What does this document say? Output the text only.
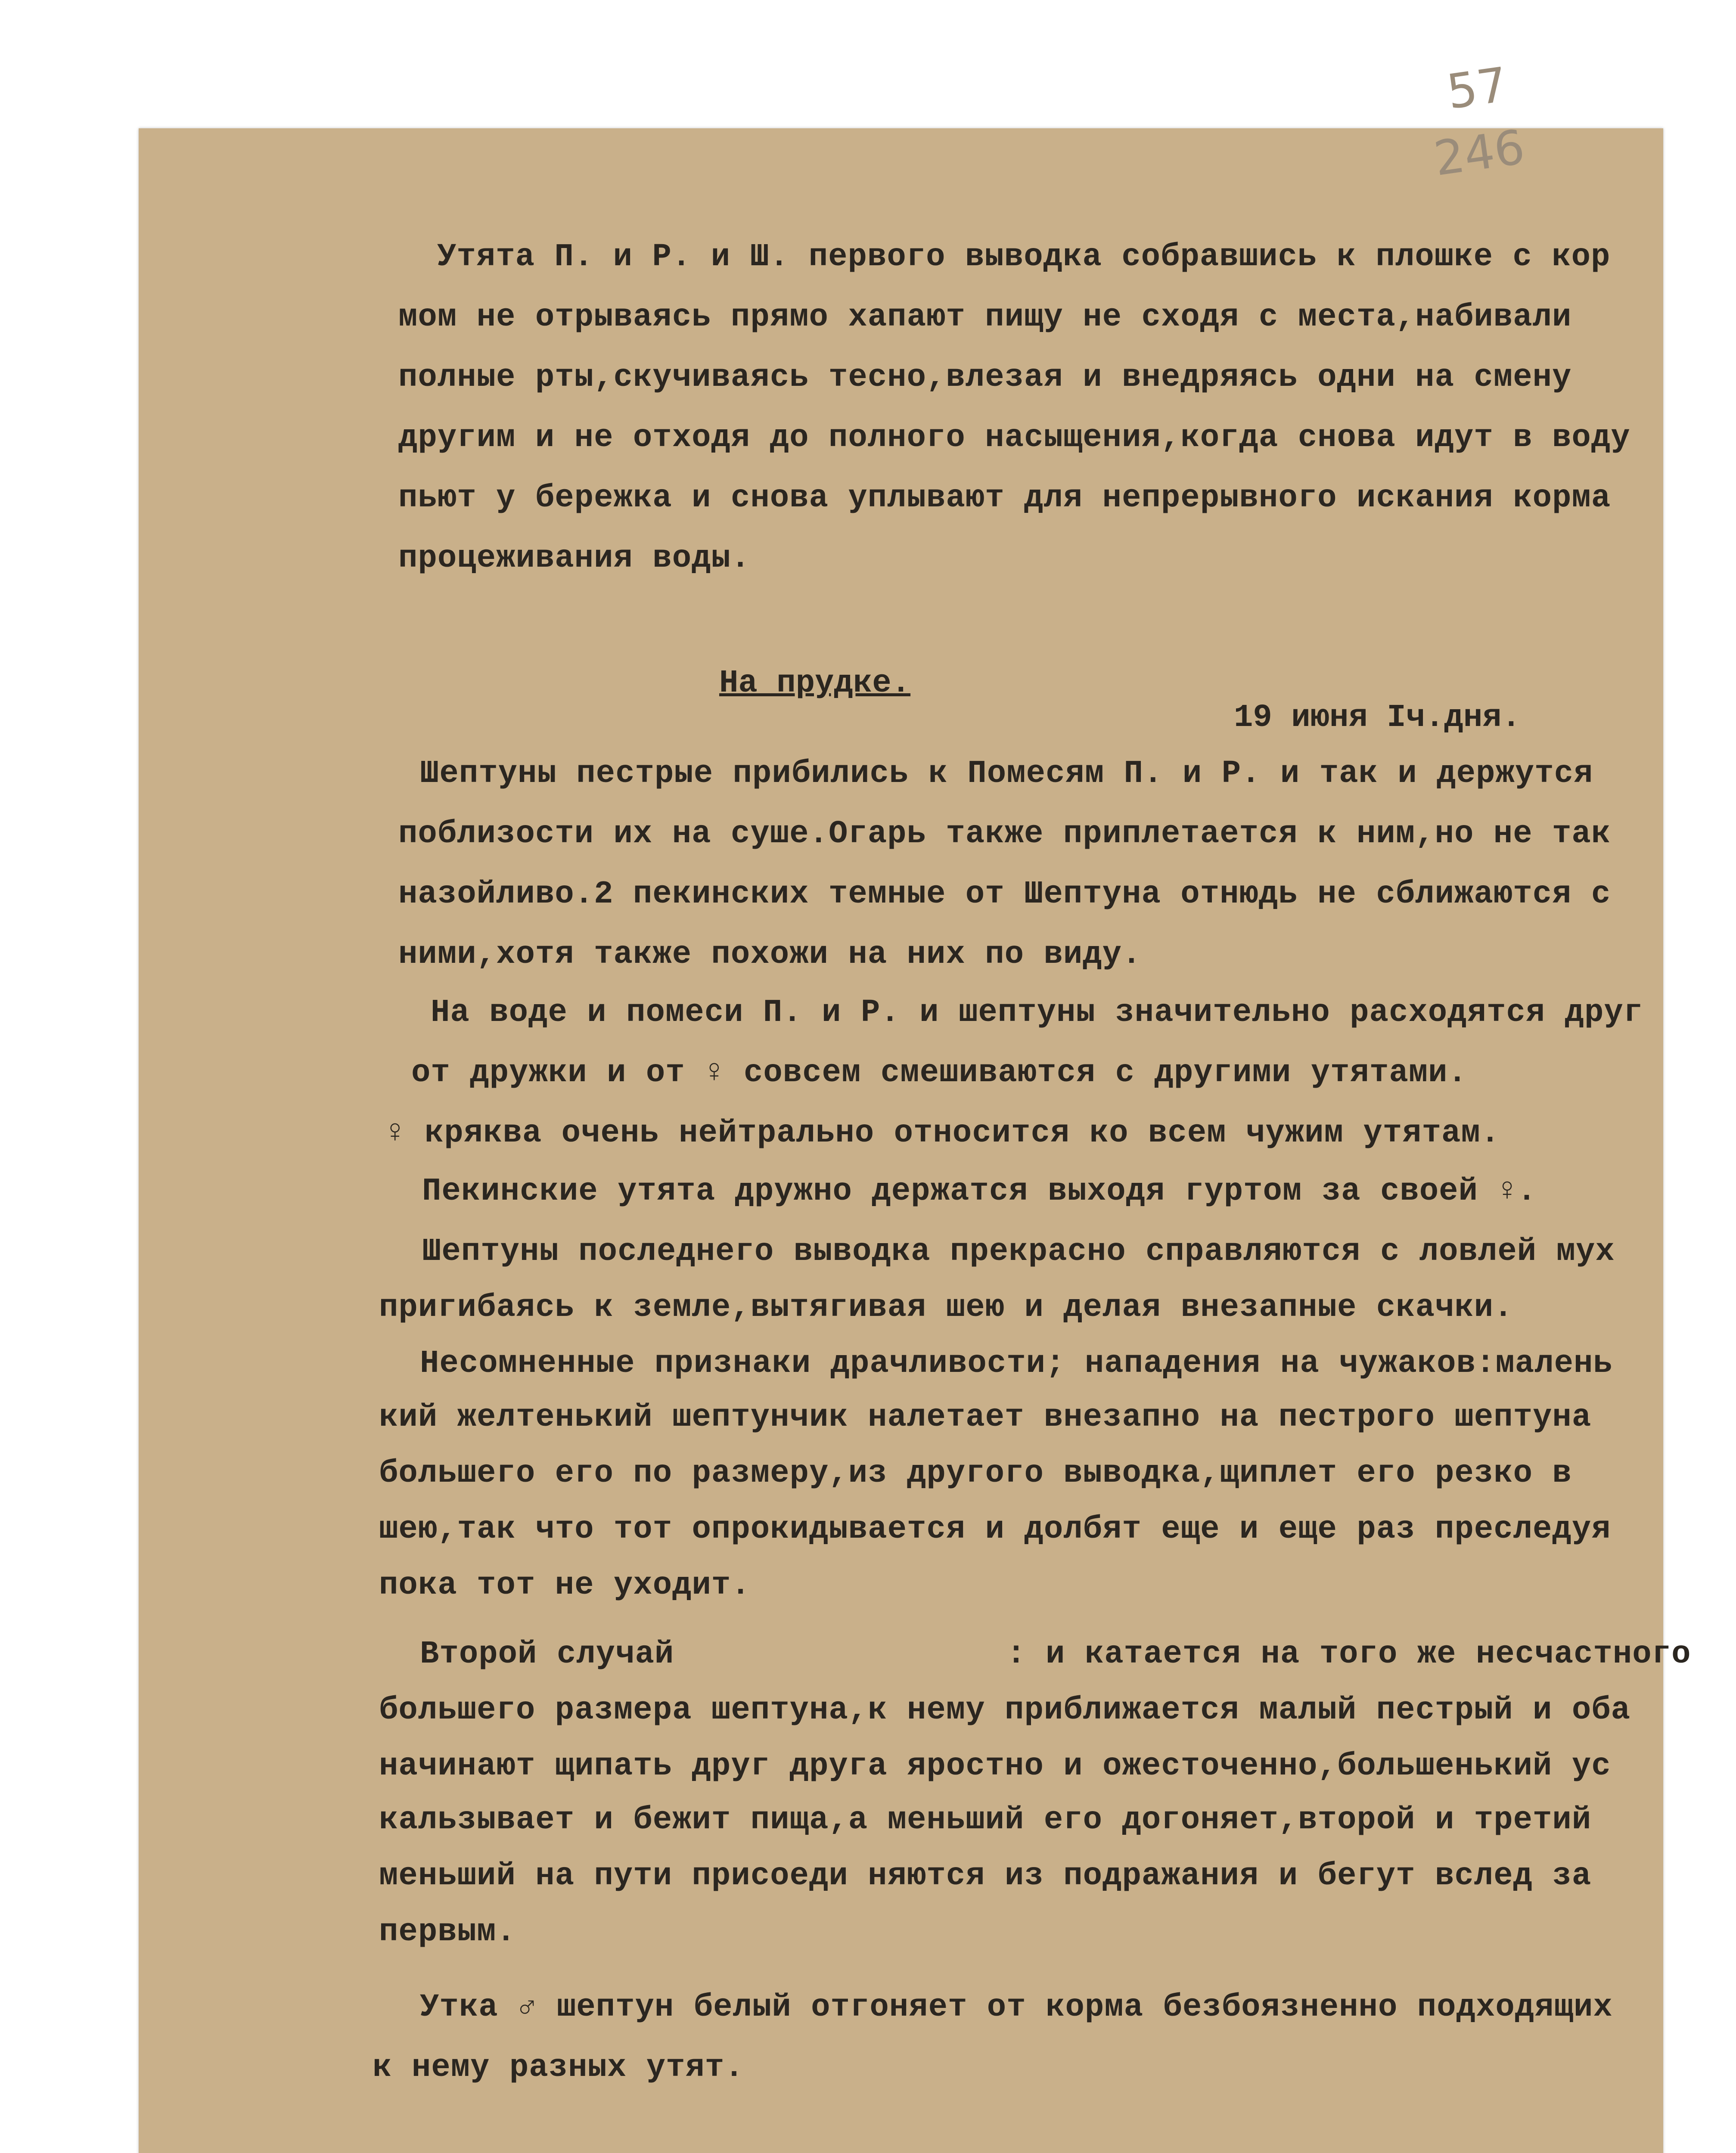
57
246
Утята П. и Р. и Ш. первого выводка собравшись к плошке с кор
мом не отрываясь прямо хапают пищу не сходя с места,набивали
полные рты,скучиваясь тесно,влезая и внедряясь одни на смену
другим и не отходя до полного насыщения,когда снова идут в воду
пьют у бережка и снова уплывают для непрерывного искания корма
процеживания воды.
На прудке.
19 июня Iч.дня.
Шептуны пестрые прибились к Помесям П. и Р. и так и держутся
поблизости их на суше.Огарь также приплетается к ним,но не так
назойливо.2 пекинских темные от Шептуна отнюдь не сближаются с
ними,хотя также похожи на них по виду.
На воде и помеси П. и Р. и шептуны значительно расходятся друг
от дружки и от ♀ совсем смешиваются с другими утятами.
♀ кряква очень нейтрально относится ко всем чужим утятам.
Пекинские утята дружно держатся выходя гуртом за своей ♀.
Шептуны последнего выводка прекрасно справляются с ловлей мух
пригибаясь к земле,вытягивая шею и делая внезапные скачки.
Несомненные признаки драчливости; нападения на чужаков:малень
кий желтенький шептунчик налетает внезапно на пестрого шептуна
большего его по размеру,из другого выводка,щиплет его резко в
шею,так что тот опрокидывается и долбят еще и еще раз преследуя
пока тот не уходит.
Второй случай                 : и катается на того же несчастного
большего размера шептуна,к нему приближается малый пестрый и оба
начинают щипать друг друга яростно и ожесточенно,большенький ус
кальзывает и бежит пища,а меньший его догоняет,второй и третий
меньший на пути присоеди няются из подражания и бегут вслед за
первым.
Утка ♂ шептун белый отгоняет от корма безбоязненно подходящих
к нему разных утят.
